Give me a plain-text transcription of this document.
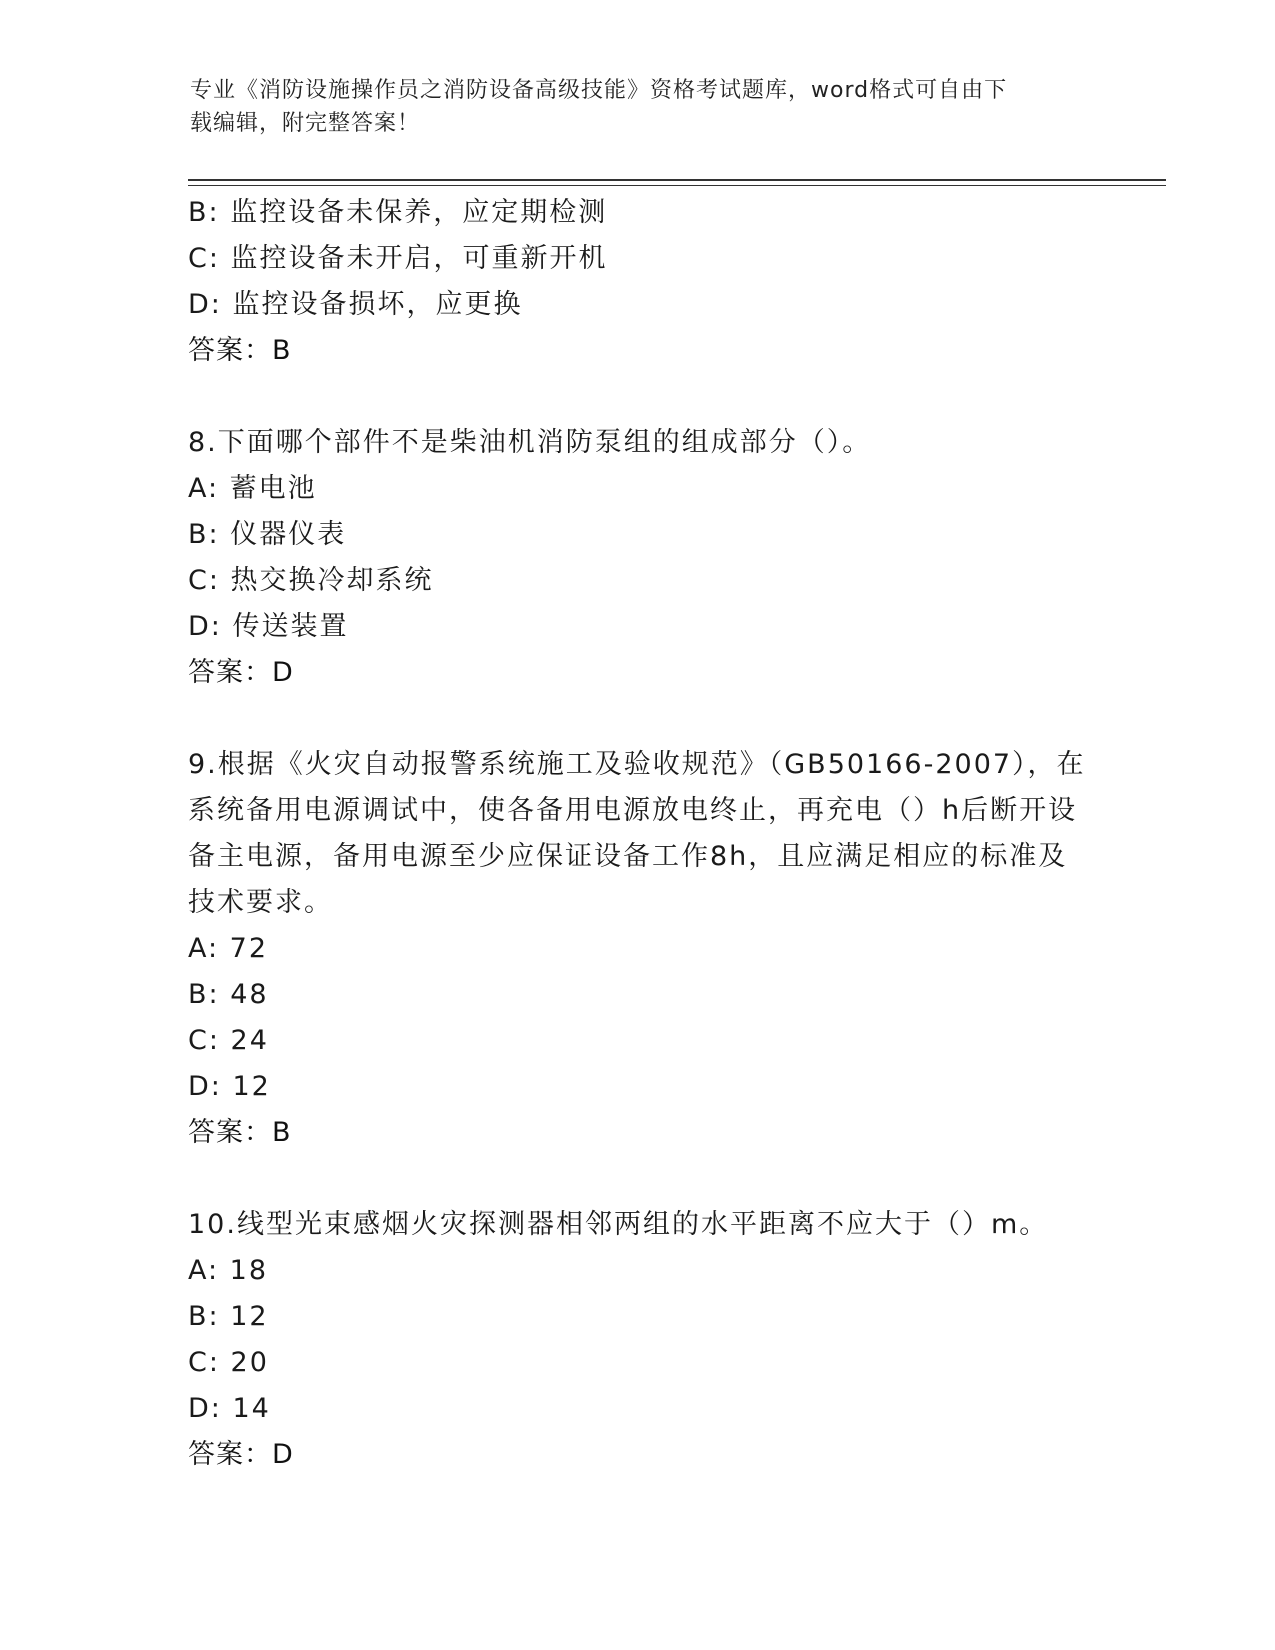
专业《消防设施操作员之消防设备高级技能》资格考试题库，word格式可自由下
载编辑，附完整答案！
B: 监控设备未保养，应定期检测
C: 监控设备未开启，可重新开机
D: 监控设备损坏，应更换
答案：B
8.下面哪个部件不是柴油机消防泵组的组成部分（）。
A: 蓄电池
B: 仪器仪表
C: 热交换冷却系统
D: 传送装置
答案：D
9.根据《火灾自动报警系统施工及验收规范》（GB50166-2007），在
系统备用电源调试中，使各备用电源放电终止，再充电（）h后断开设
备主电源，备用电源至少应保证设备工作8h，且应满足相应的标准及
技术要求。
A: 72
B: 48
C: 24
D: 12
答案：B
10.线型光束感烟火灾探测器相邻两组的水平距离不应大于（）m。
A: 18
B: 12
C: 20
D: 14
答案：D
